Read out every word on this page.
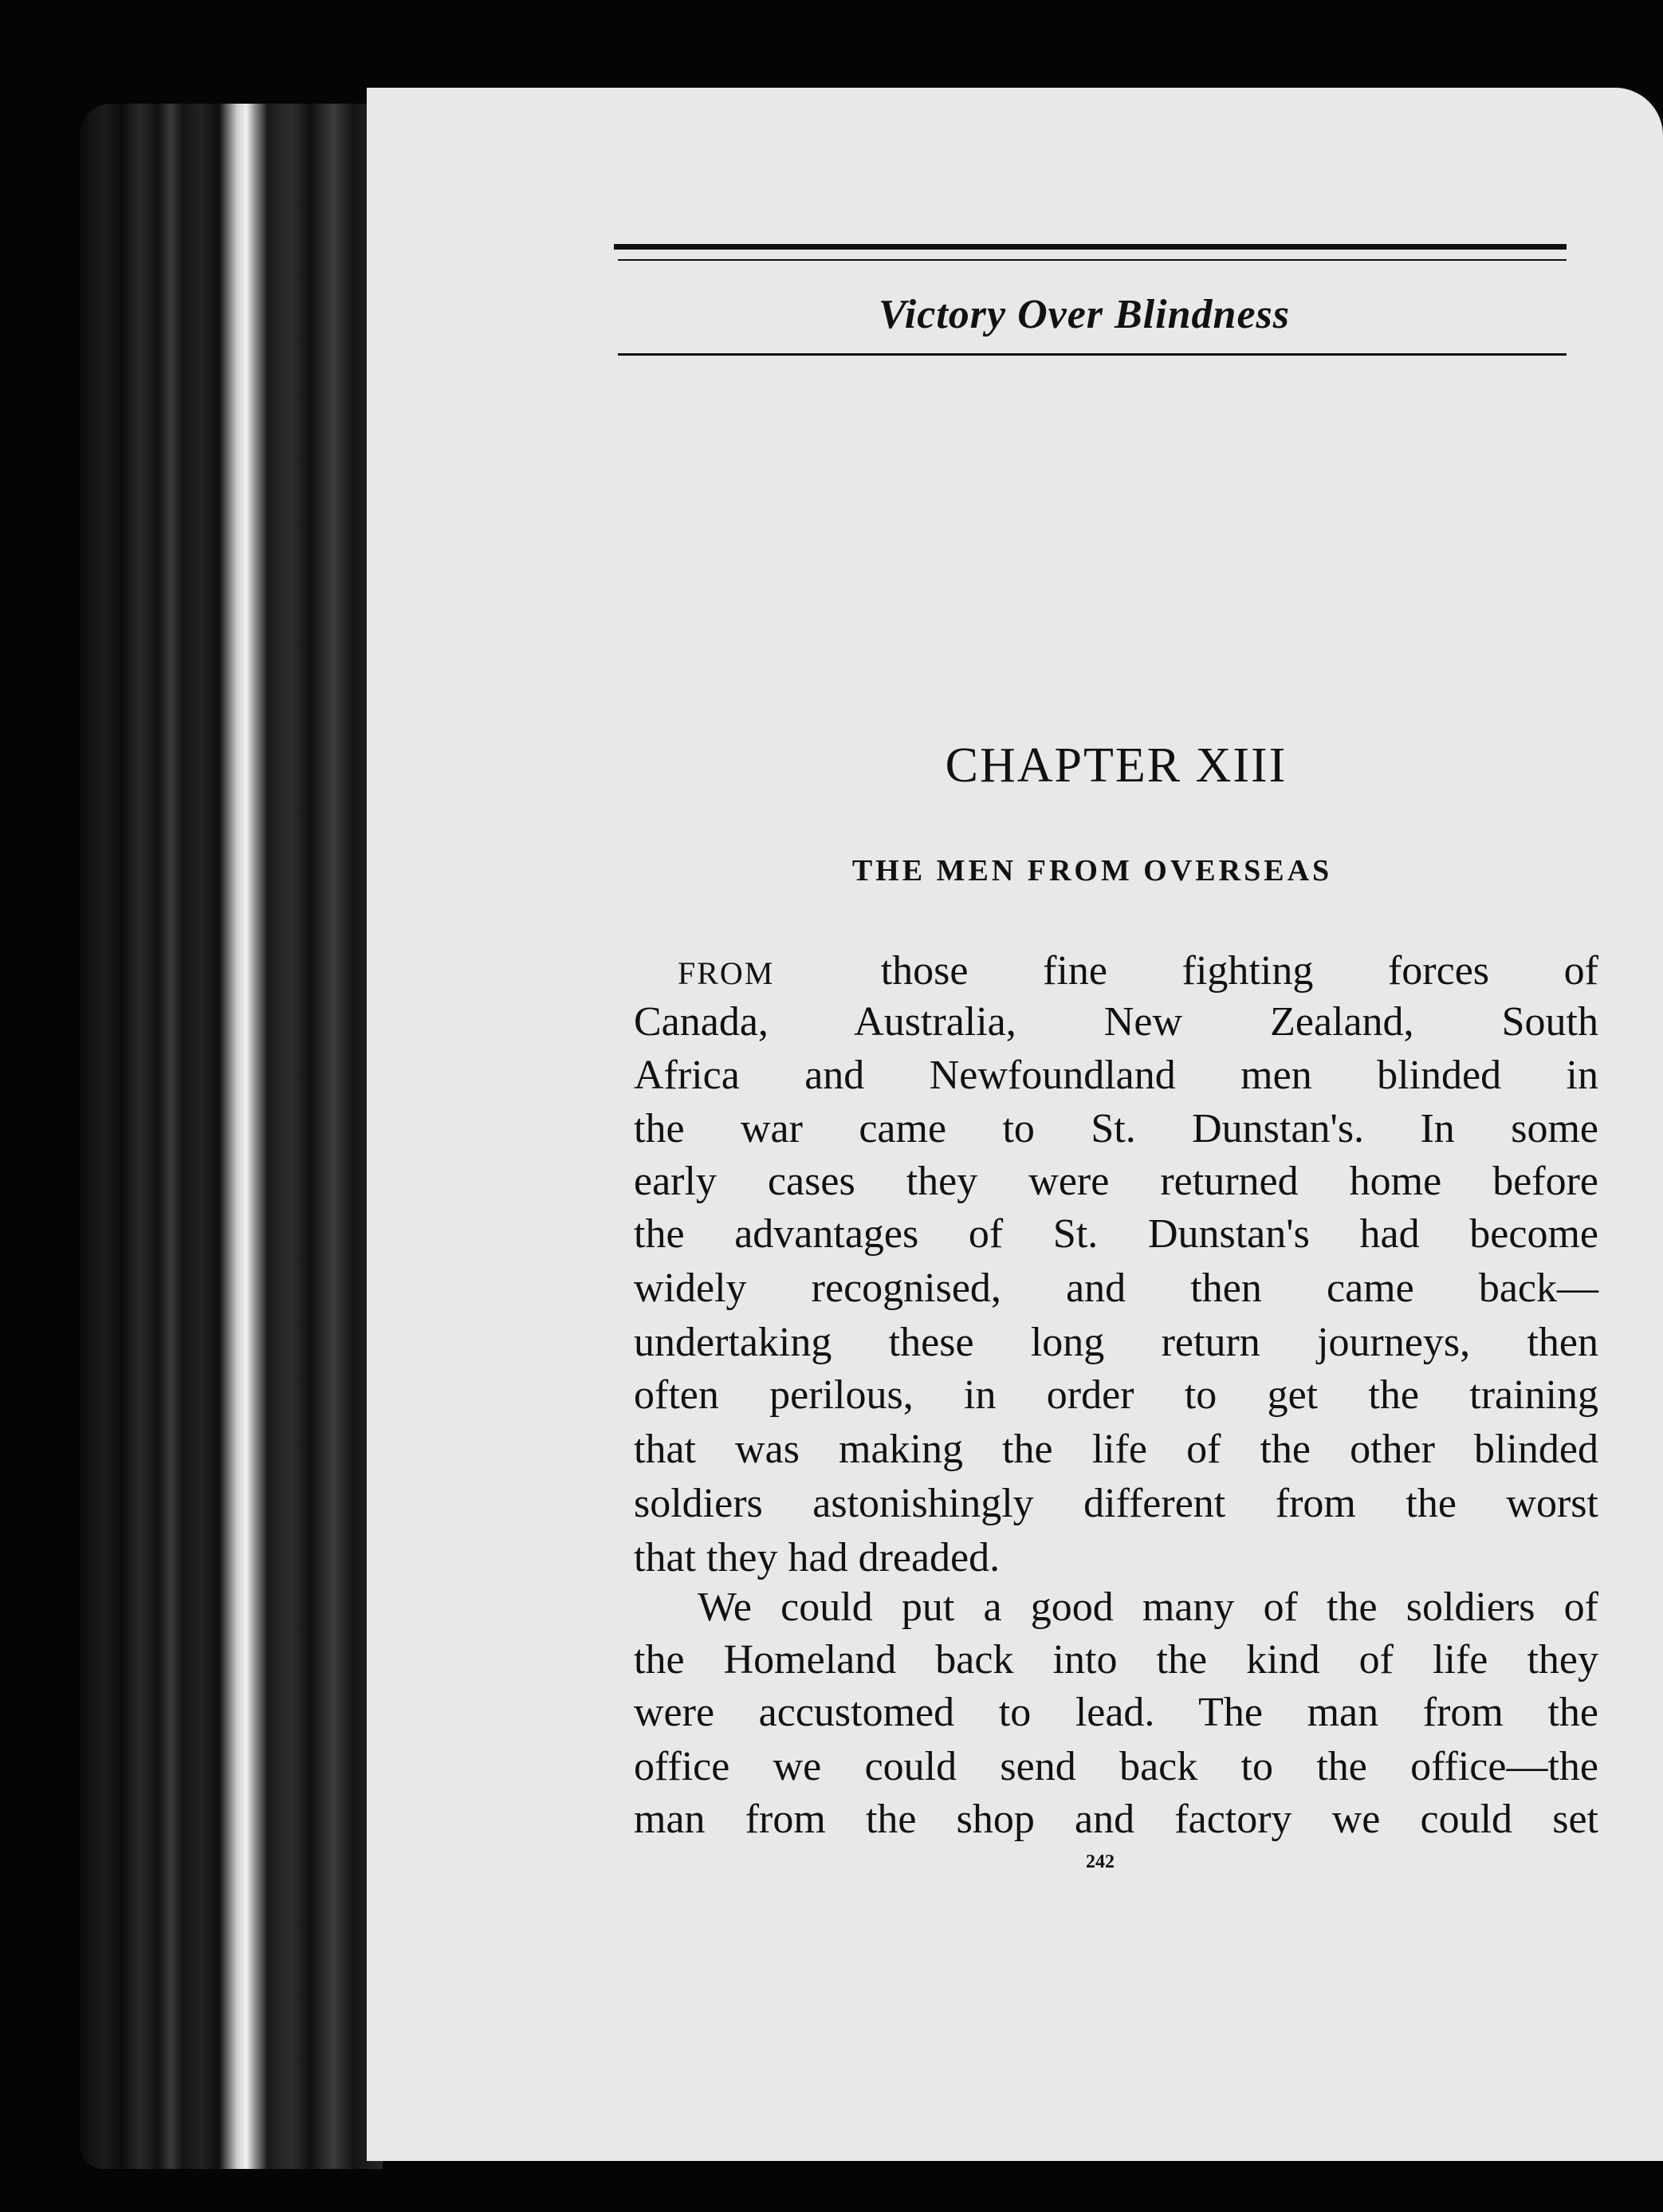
Victory Over Blindness
CHAPTER XIII
THE MEN FROM OVERSEAS
FROM	those fine fighting forces of
Canada, Australia, New Zealand, South
Africa and Newfoundland men blinded in
the war came to St. Dunstan's. In some
early cases they were returned home before
the advantages of St. Dunstan's had become
widely recognised, and then came back—
undertaking these long return journeys, then
often perilous, in order to get the training
that was making the life of the other blinded
soldiers astonishingly different from the worst
that they had dreaded.
We could put a good many of the soldiers of
the Homeland back into the kind of life they
were accustomed to lead. The man from the
office we could send back to the office—the
man from the shop and factory we could set
242
